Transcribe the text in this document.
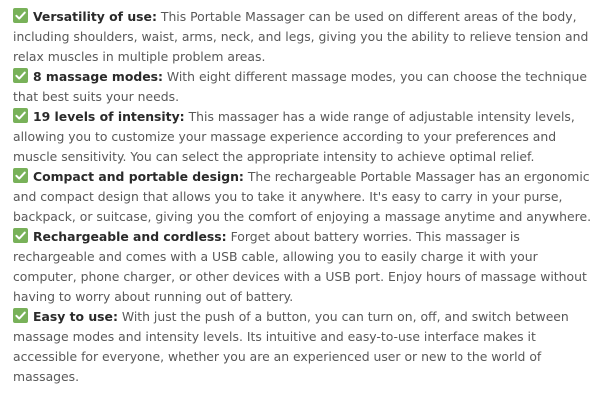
Versatility of use: This Portable Massager can be used on different areas of the body, including shoulders, waist, arms, neck, and legs, giving you the ability to relieve tension and relax muscles in multiple problem areas.

8 massage modes: With eight different massage modes, you can choose the technique that best suits your needs.

19 levels of intensity: This massager has a wide range of adjustable intensity levels, allowing you to customize your massage experience according to your preferences and muscle sensitivity. You can select the appropriate intensity to achieve optimal relief.

Compact and portable design: The rechargeable Portable Massager has an ergonomic and compact design that allows you to take it anywhere. It's easy to carry in your purse, backpack, or suitcase, giving you the comfort of enjoying a massage anytime and anywhere.

Rechargeable and cordless: Forget about battery worries. This massager is rechargeable and comes with a USB cable, allowing you to easily charge it with your computer, phone charger, or other devices with a USB port. Enjoy hours of massage without having to worry about running out of battery.

Easy to use: With just the push of a button, you can turn on, off, and switch between massage modes and intensity levels. Its intuitive and easy-to-use interface makes it accessible for everyone, whether you are an experienced user or new to the world of massages.
